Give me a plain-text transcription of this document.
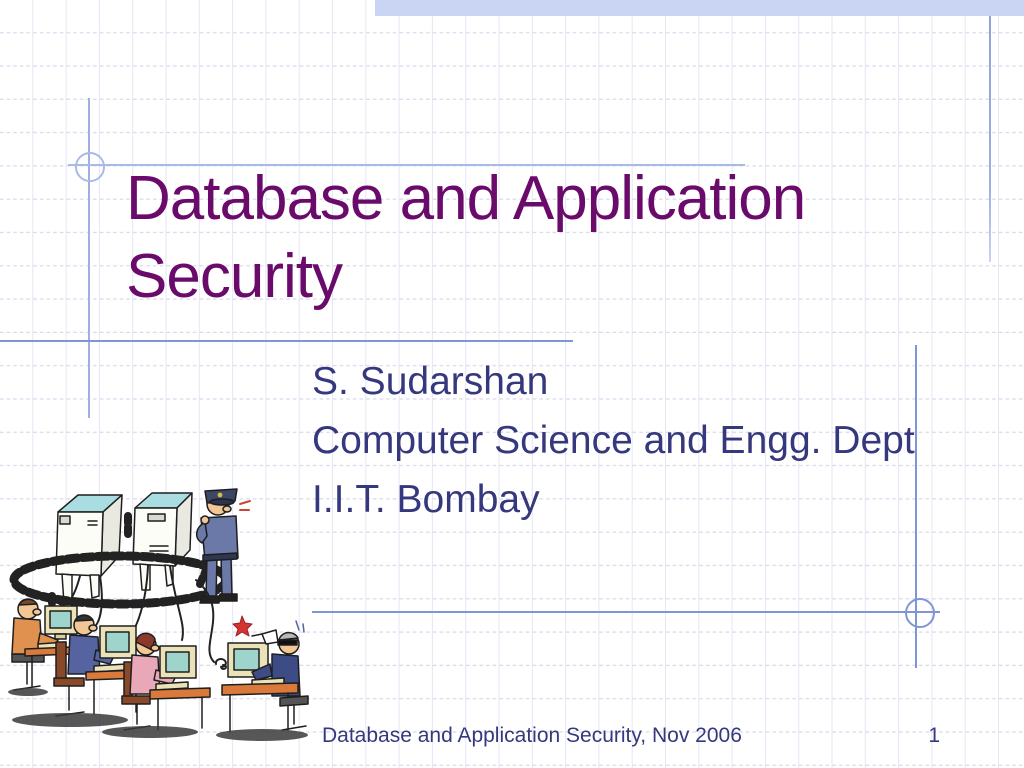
Database and Application Security
S. Sudarshan
Computer Science and Engg. Dept
I.I.T. Bombay
Database and Application Security, Nov 2006	1
